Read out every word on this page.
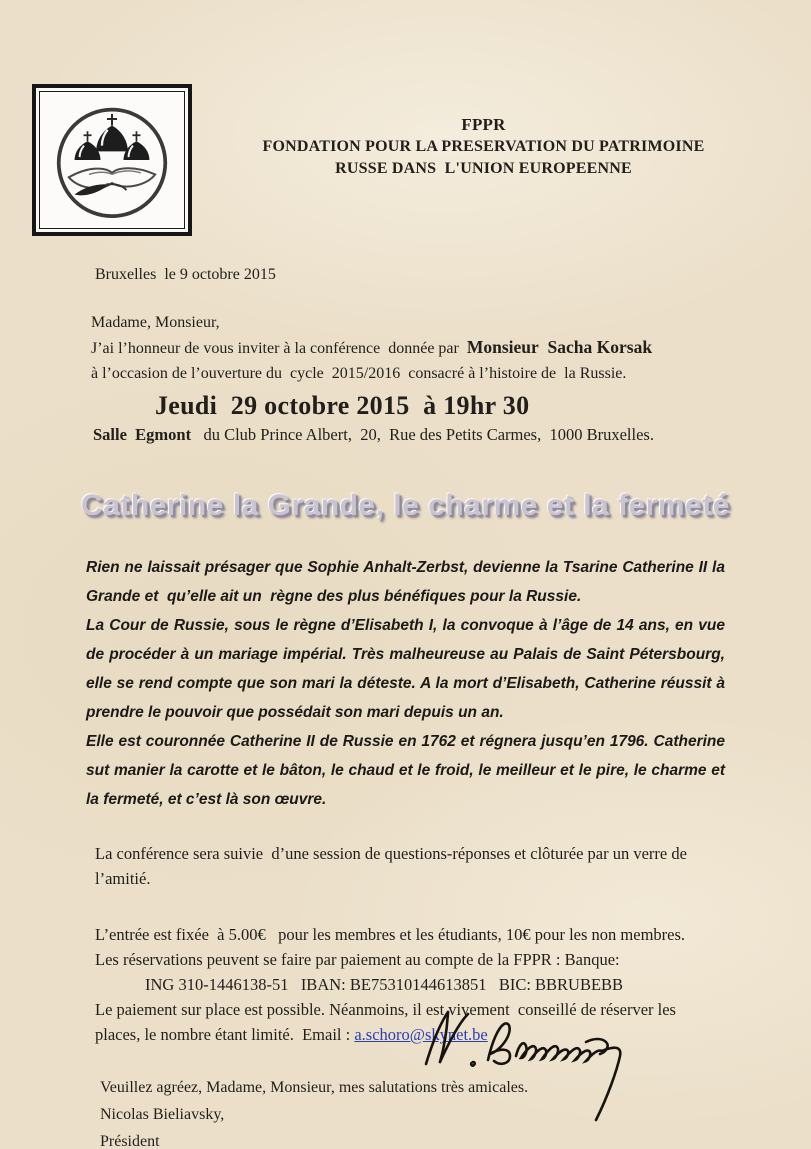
FPPR
FONDATION POUR LA PRESERVATION DU PATRIMOINE
RUSSE DANS  L'UNION EUROPEENNE
Bruxelles  le 9 octobre 2015
Madame, Monsieur,
J’ai l’honneur de vous inviter à la conférence  donnée par  Monsieur  Sacha Korsak
à l’occasion de l’ouverture du  cycle  2015/2016  consacré à l’histoire de  la Russie.
Jeudi  29 octobre 2015  à 19hr 30
Salle  Egmont   du Club Prince Albert,  20,  Rue des Petits Carmes,  1000 Bruxelles.
Catherine la Grande, le charme et la fermeté

Rien ne laissait présager que Sophie Anhalt-Zerbst, devienne la Tsarine Catherine II la Grande et  qu’elle ait un  règne des plus bénéfiques pour la Russie.

La Cour de Russie, sous le règne d’Elisabeth I, la convoque à l’âge de 14 ans, en vue de procéder à un mariage impérial. Très malheureuse au Palais de Saint Pétersbourg, elle se rend compte que son mari la déteste. A la mort d’Elisabeth, Catherine réussit à prendre le pouvoir que possédait son mari depuis un an.

Elle est couronnée Catherine II de Russie en 1762 et régnera jusqu’en 1796. Catherine sut manier la carotte et le bâton, le chaud et le froid, le meilleur et le pire, le charme et la fermeté, et c’est là son œuvre.

La conférence sera suivie  d’une session de questions-réponses et clôturée par un verre de
l’amitié.
L’entrée est fixée  à 5.00€   pour les membres et les étudiants, 10€ pour les non membres.
Les réservations peuvent se faire par paiement au compte de la FPPR : Banque:
ING 310-1446138-51   IBAN: BE75310144613851   BIC: BBRUBEBB
Le paiement sur place est possible. Néanmoins, il est vivement  conseillé de réserver les
places, le nombre étant limité.  Email : a.schoro@skynet.be
Veuillez agréez, Madame, Monsieur, mes salutations très amicales.
Nicolas Bieliavsky,
Président
